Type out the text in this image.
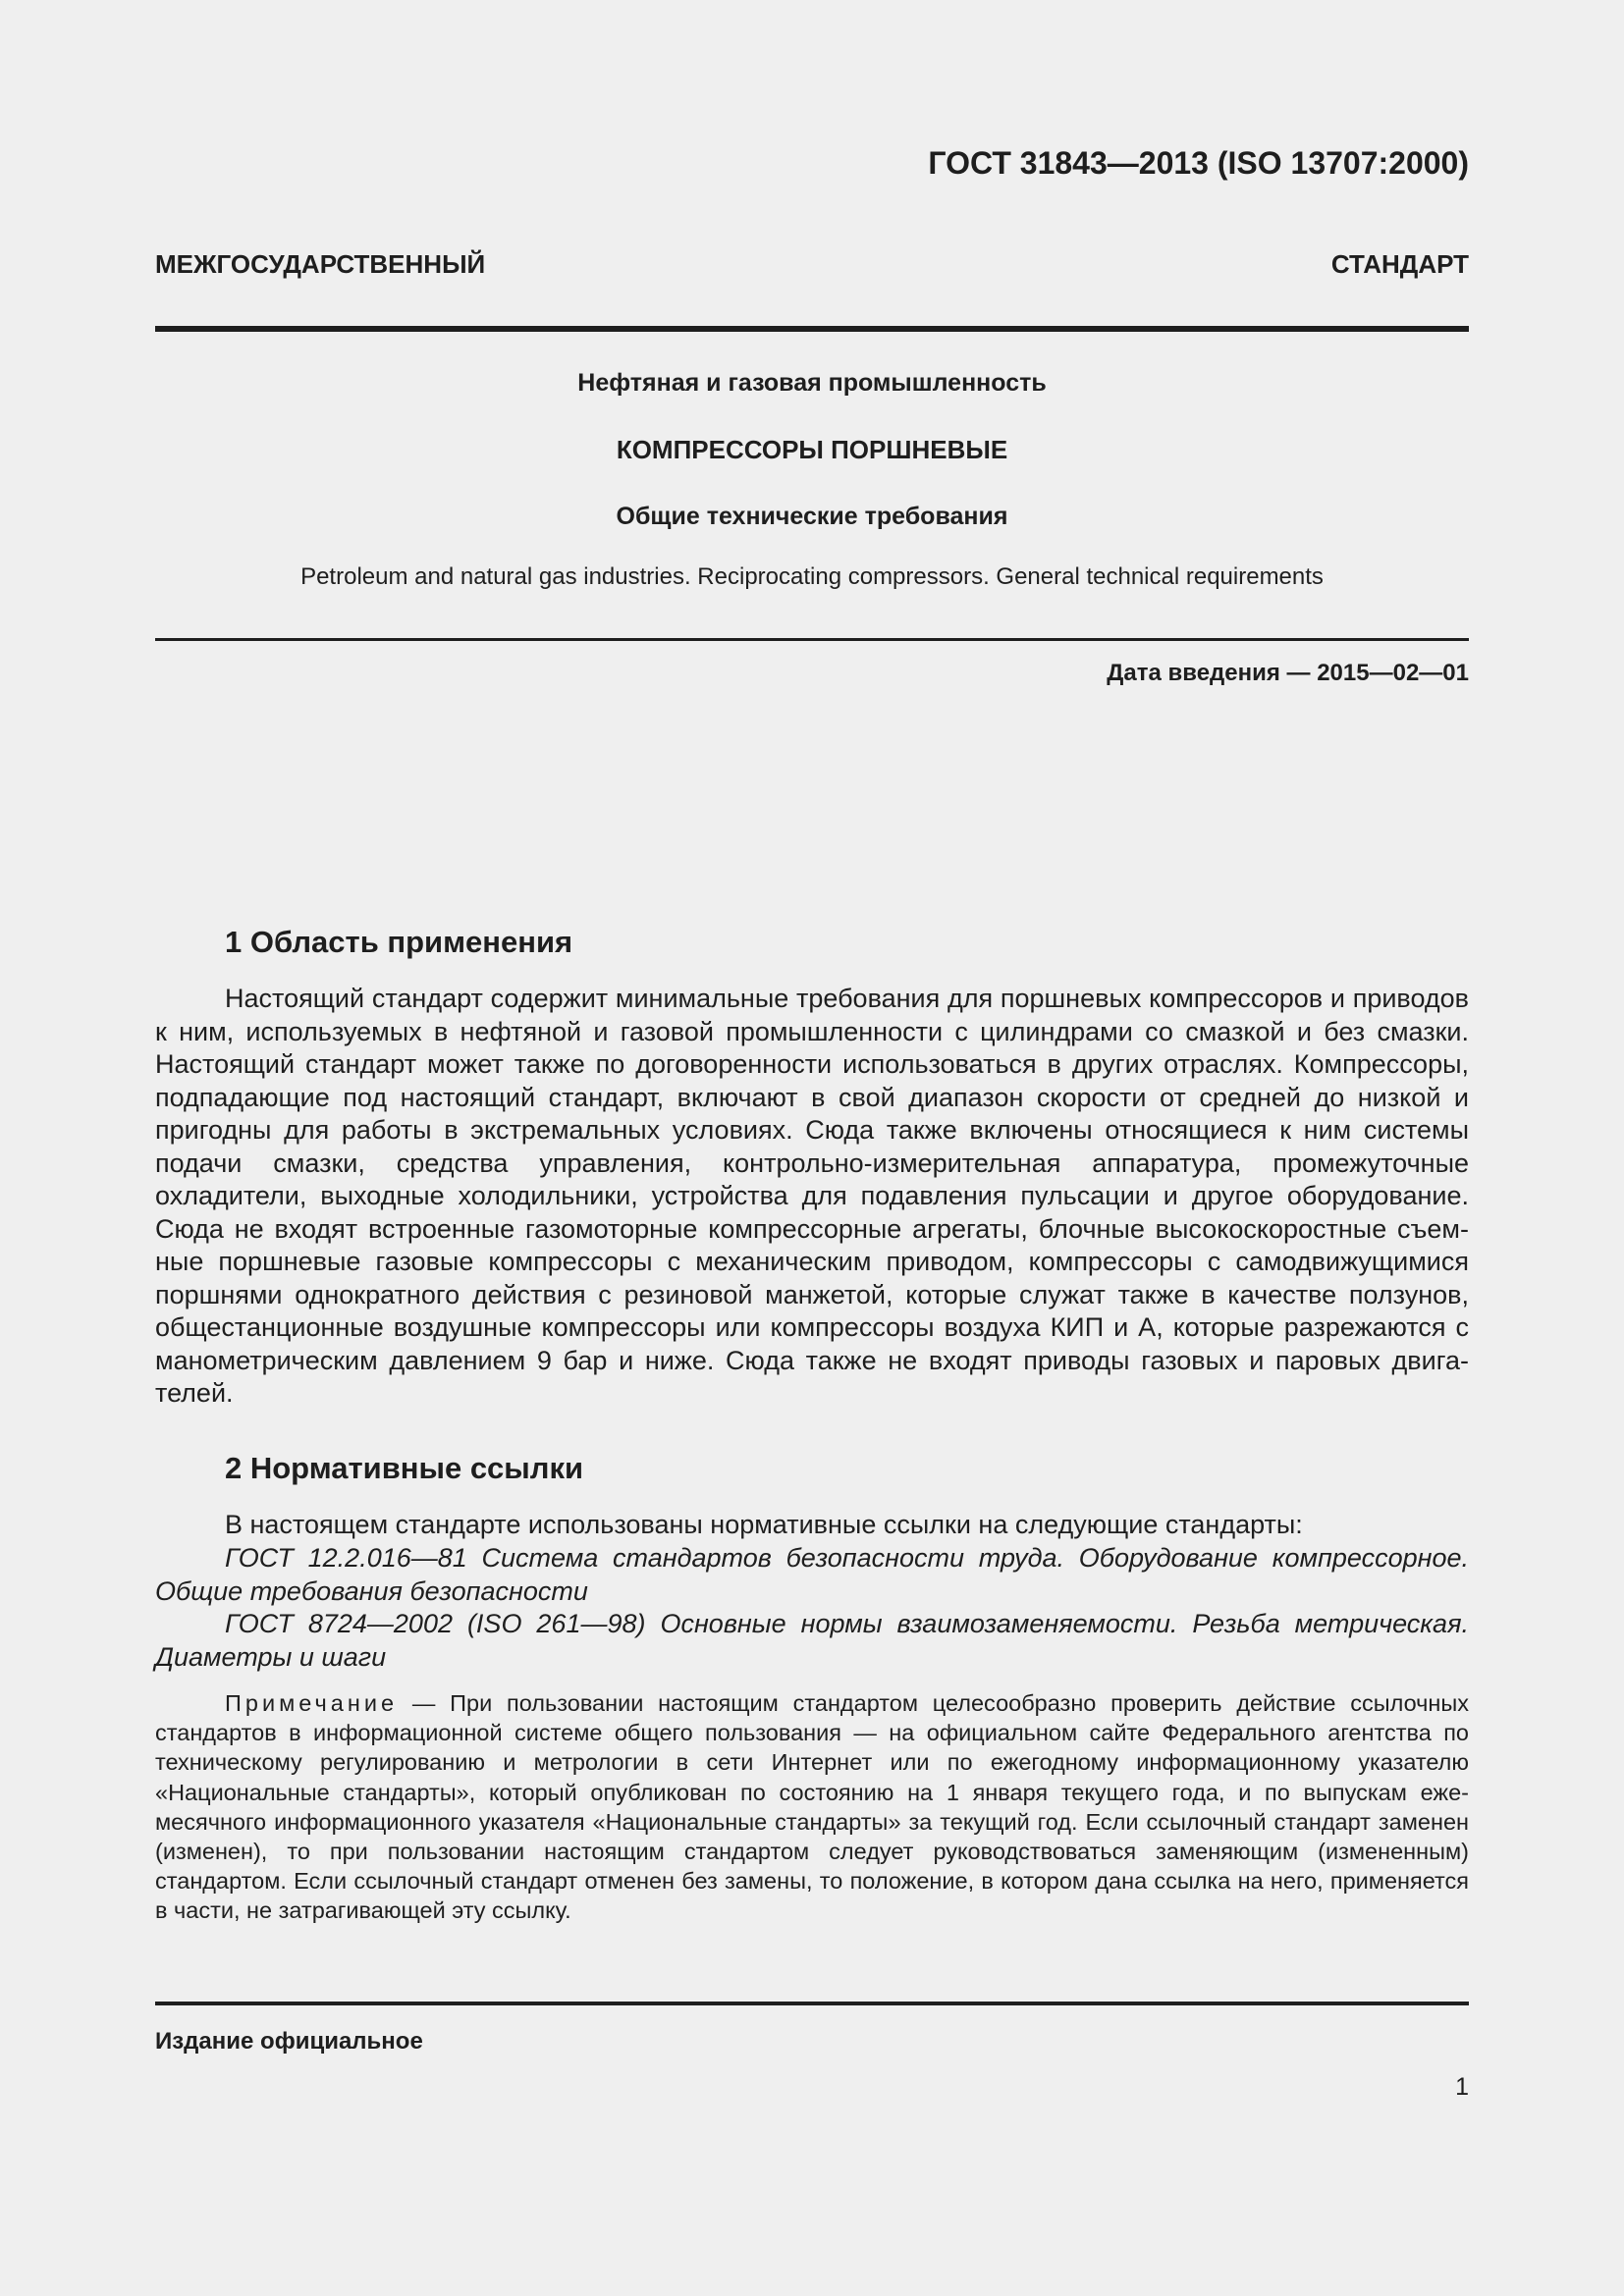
ГОСТ 31843—2013 (ISO 13707:2000)
МЕЖГОСУДАРСТВЕННЫЙ СТАНДАРТ
Нефтяная и газовая промышленность
КОМПРЕССОРЫ ПОРШНЕВЫЕ
Общие технические требования
Petroleum and natural gas industries. Reciprocating compressors. General technical requirements
Дата введения — 2015—02—01
1 Область применения

Настоящий стандарт содержит минимальные требования для поршневых компрессоров и приводов к ним, используемых в нефтяной и газовой промышленности с цилиндрами со смазкой и без смазки. Настоящий стандарт может также по договоренности использоваться в других отраслях. Компрессоры, подпадающие под настоящий стандарт, включают в свой диапазон скорости от средней до низкой и пригодны для работы в экстремальных условиях. Сюда также включены относящиеся к ним системы подачи смазки, средства управления, контрольно-измерительная аппаратура, промежуточные охладители, выходные холодильники, устройства для подавления пульсации и другое оборудование. Сюда не входят встроенные газомоторные компрессорные агрегаты, блочные высокоскоростные съемные поршневые газовые компрессоры с механическим приводом, компрессоры с самодвижущимися поршнями однократного действия с резиновой манжетой, которые служат также в качестве ползунов, общестанционные воздушные компрессоры или компрессоры воздуха КИП и А, которые разрежаются с манометрическим давлением 9 бар и ниже. Сюда также не входят приводы газовых и паровых двигателей.

2 Нормативные ссылки

В настоящем стандарте использованы нормативные ссылки на следующие стандарты:

ГОСТ 12.2.016—81 Система стандартов безопасности труда. Оборудование компрессорное. Общие требования безопасности

ГОСТ 8724—2002 (ISO 261—98) Основные нормы взаимозаменяемости. Резьба метрическая. Диаметры и шаги

Примечание — При пользовании настоящим стандартом целесообразно проверить действие ссылочных стандартов в информационной системе общего пользования — на официальном сайте Федерального агентства по техническому регулированию и метрологии в сети Интернет или по ежегодному информационному указателю «Национальные стандарты», который опубликован по состоянию на 1 января текущего года, и по выпускам ежемесячного информационного указателя «Национальные стандарты» за текущий год. Если ссылочный стандарт заменен (изменен), то при пользовании настоящим стандартом следует руководствоваться заменяющим (измененным) стандартом. Если ссылочный стандарт отменен без замены, то положение, в котором дана ссылка на него, применяется в части, не затрагивающей эту ссылку.

Издание официальное
1
